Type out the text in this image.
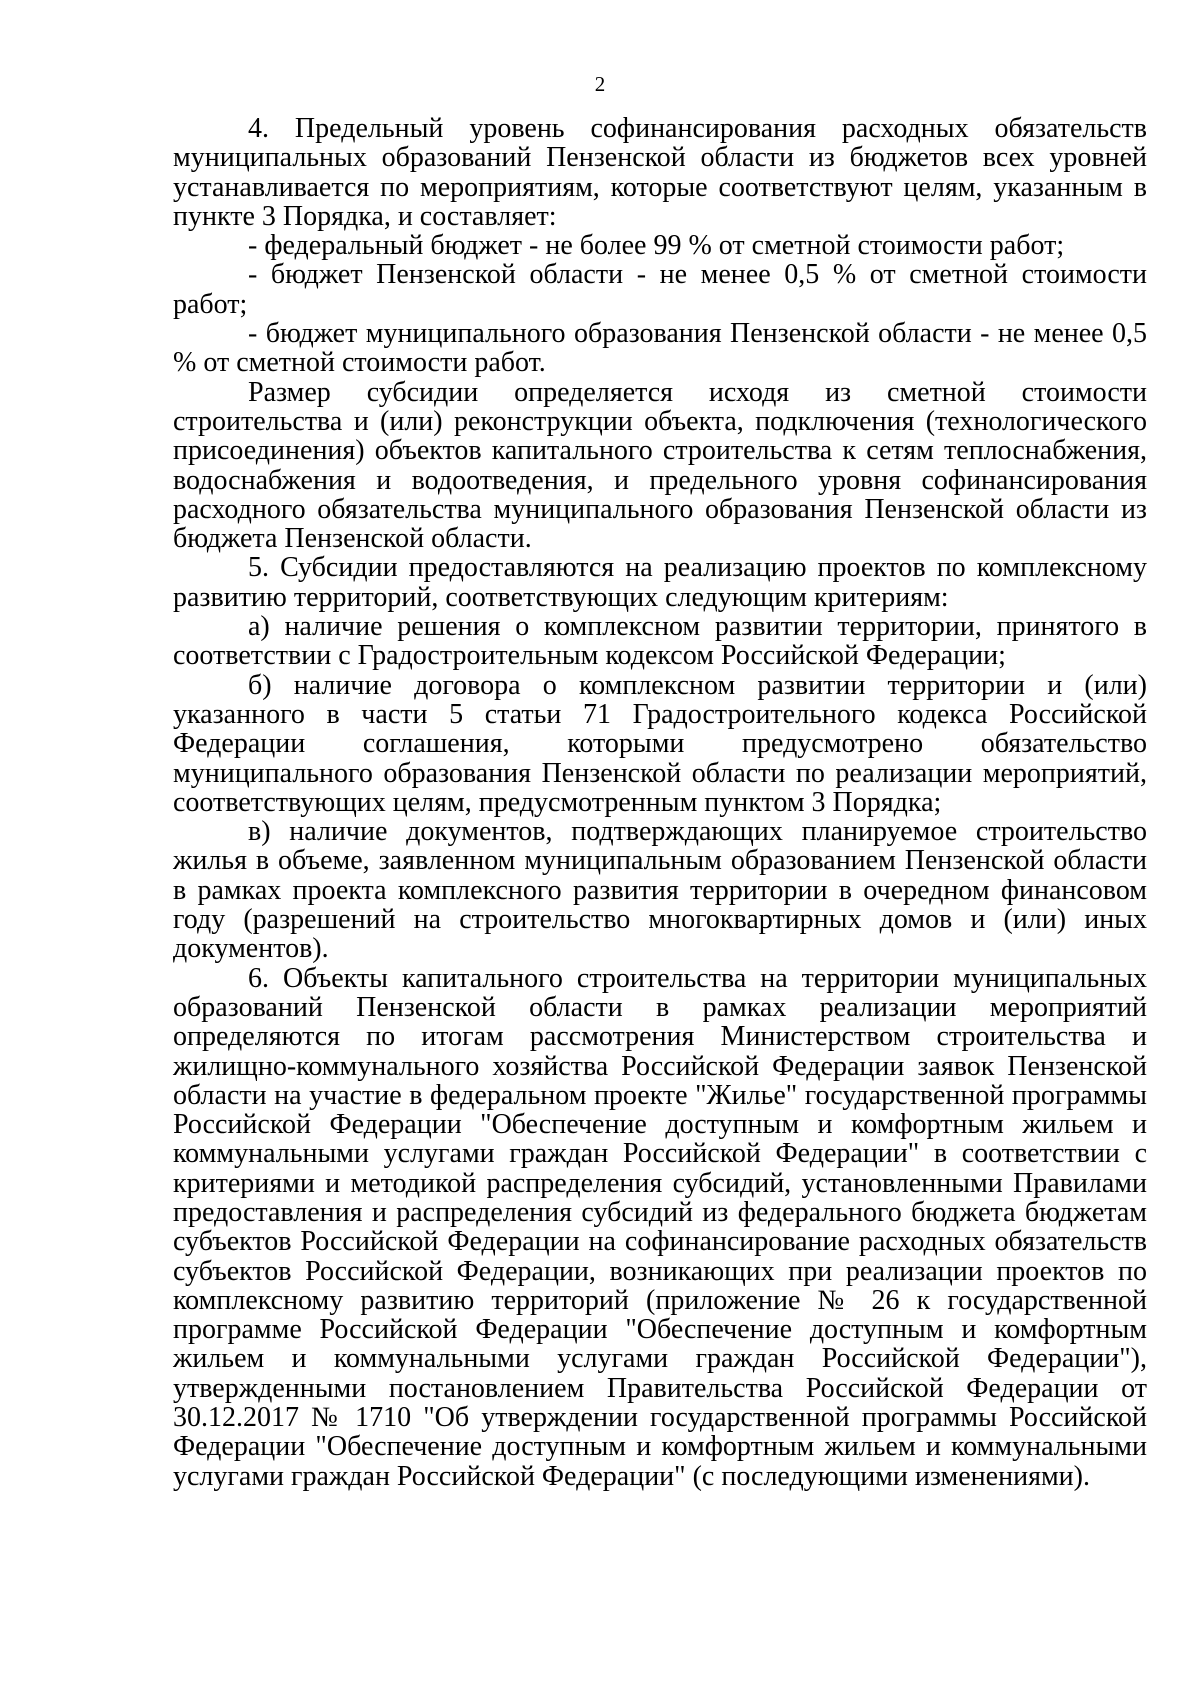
2

4. Предельный уровень софинансирования расходных обязательств муниципальных образований Пензенской области из бюджетов всех уровней устанавливается по мероприятиям, которые соответствуют целям, указанным в пункте 3 Порядка, и составляет:

- федеральный бюджет - не более 99 % от сметной стоимости работ;

- бюджет Пензенской области - не менее 0,5 % от сметной стоимости работ;

- бюджет муниципального образования Пензенской области - не менее 0,5 % от сметной стоимости работ.

Размер субсидии определяется исходя из сметной стоимости строительства и (или) реконструкции объекта, подключения (технологического присоединения) объектов капитального строительства к сетям теплоснабжения, водоснабжения и водоотведения, и предельного уровня софинансирования расходного обязательства муниципального образования Пензенской области из бюджета Пензенской области.

5. Субсидии предоставляются на реализацию проектов по комплексному развитию территорий, соответствующих следующим критериям:

а) наличие решения о комплексном развитии территории, принятого в соответствии с Градостроительным кодексом Российской Федерации;

б) наличие договора о комплексном развитии территории и (или) указанного в части 5 статьи 71 Градостроительного кодекса Российской Федерации соглашения, которыми предусмотрено обязательство муниципального образования Пензенской области по реализации мероприятий, соответствующих целям, предусмотренным пунктом 3 Порядка;

в) наличие документов, подтверждающих планируемое строительство жилья в объеме, заявленном муниципальным образованием Пензенской области в рамках проекта комплексного развития территории в очередном финансовом году (разрешений на строительство многоквартирных домов и (или) иных документов).

6. Объекты капитального строительства на территории муниципальных образований Пензенской области в рамках реализации мероприятий определяются по итогам рассмотрения Министерством строительства и жилищно-коммунального хозяйства Российской Федерации заявок Пензенской области на участие в федеральном проекте "Жилье" государственной программы Российской Федерации "Обеспечение доступным и комфортным жильем и коммунальными услугами граждан Российской Федерации" в соответствии с критериями и методикой распределения субсидий, установленными Правилами предоставления и распределения субсидий из федерального бюджета бюджетам субъектов Российской Федерации на софинансирование расходных обязательств субъектов Российской Федерации, возникающих при реализации проектов по комплексному развитию территорий (приложение № 26 к государственной программе Российской Федерации "Обеспечение доступным и комфортным жильем и коммунальными услугами граждан Российской Федерации"), утвержденными постановлением Правительства Российской Федерации от 30.12.2017 № 1710 "Об утверждении государственной программы Российской Федерации "Обеспечение доступным и комфортным жильем и коммунальными услугами граждан Российской Федерации" (с последующими изменениями).
